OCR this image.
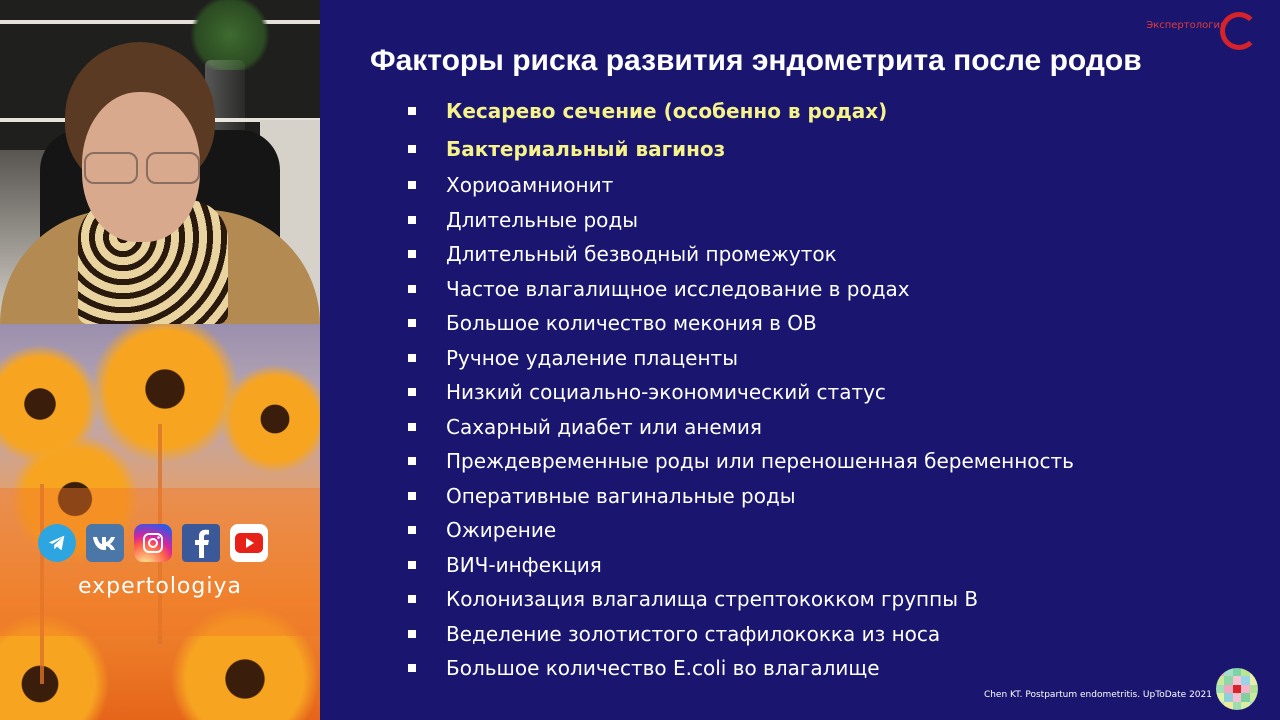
expertologiya
Факторы риска развития эндометрита после родов
Кесарево сечение (особенно в родах)
Бактериальный вагиноз
Хориоамнионит
Длительные роды
Длительный безводный промежуток
Частое влагалищное исследование в родах
Большое количество мекония в ОВ
Ручное удаление плаценты
Низкий социально-экономический статус
Сахарный диабет или анемия
Преждевременные роды или переношенная беременность
Оперативные вагинальные роды
Ожирение
ВИЧ-инфекция
Колонизация влагалища стрептококком группы В
Веделение золотистого стафилококка из носа
Большое количество E.coli во влагалище
Экспертология
Chen KT. Postpartum endometritis. UpToDate 2021
